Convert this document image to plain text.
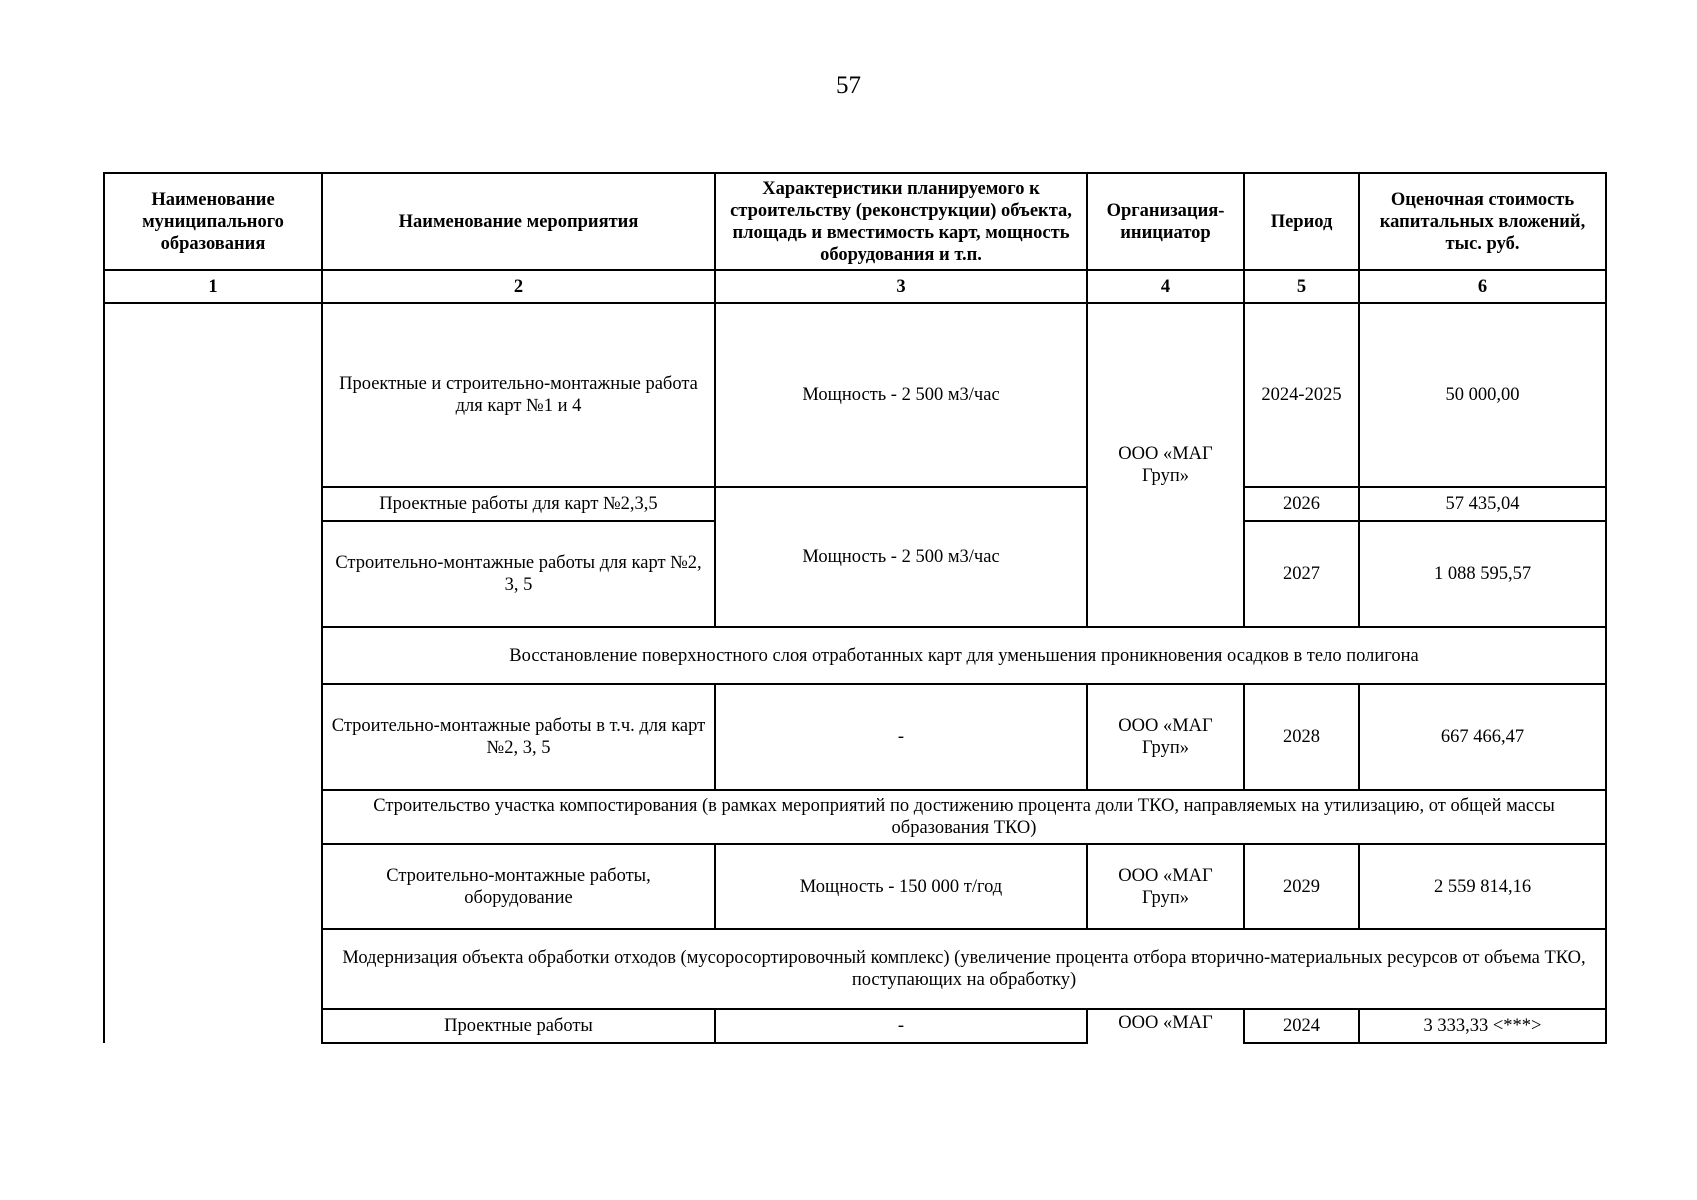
57
Наименование муниципального образования	Наименование мероприятия	Характеристики планируемого к строительству (реконструкции) объекта, площадь и вместимость карт, мощность оборудования и т.п.	Организация-инициатор	Период	Оценочная стоимость капитальных вложений, тыс. руб.
1	2	3	4	5	6
	Проектные и строительно-монтажные работа для карт №1 и 4	Мощность - 2 500 м3/час	ООО «МАГ Груп»	2024-2025	50 000,00
	Проектные работы для карт №2,3,5	Мощность - 2 500 м3/час		2026	57 435,04
	Строительно-монтажные работы для карт №2, 3, 5			2027	1 088 595,57
	Восстановление поверхностного слоя отработанных карт для уменьшения проникновения осадков в тело полигона				
	Строительно-монтажные работы в т.ч. для карт №2, 3, 5	-	ООО «МАГ Груп»	2028	667 466,47
	Строительство участка компостирования (в рамках мероприятий по достижению процента доли ТКО, направляемых на утилизацию, от общей массы образования ТКО)				
	Строительно-монтажные работы, оборудование	Мощность - 150 000 т/год	ООО «МАГ Груп»	2029	2 559 814,16
	Модернизация объекта обработки отходов (мусоросортировочный комплекс) (увеличение процента отбора вторично-материальных ресурсов от объема ТКО, поступающих на обработку)				
	Проектные работы	-	ООО «МАГ	2024	3 333,33 <***>
